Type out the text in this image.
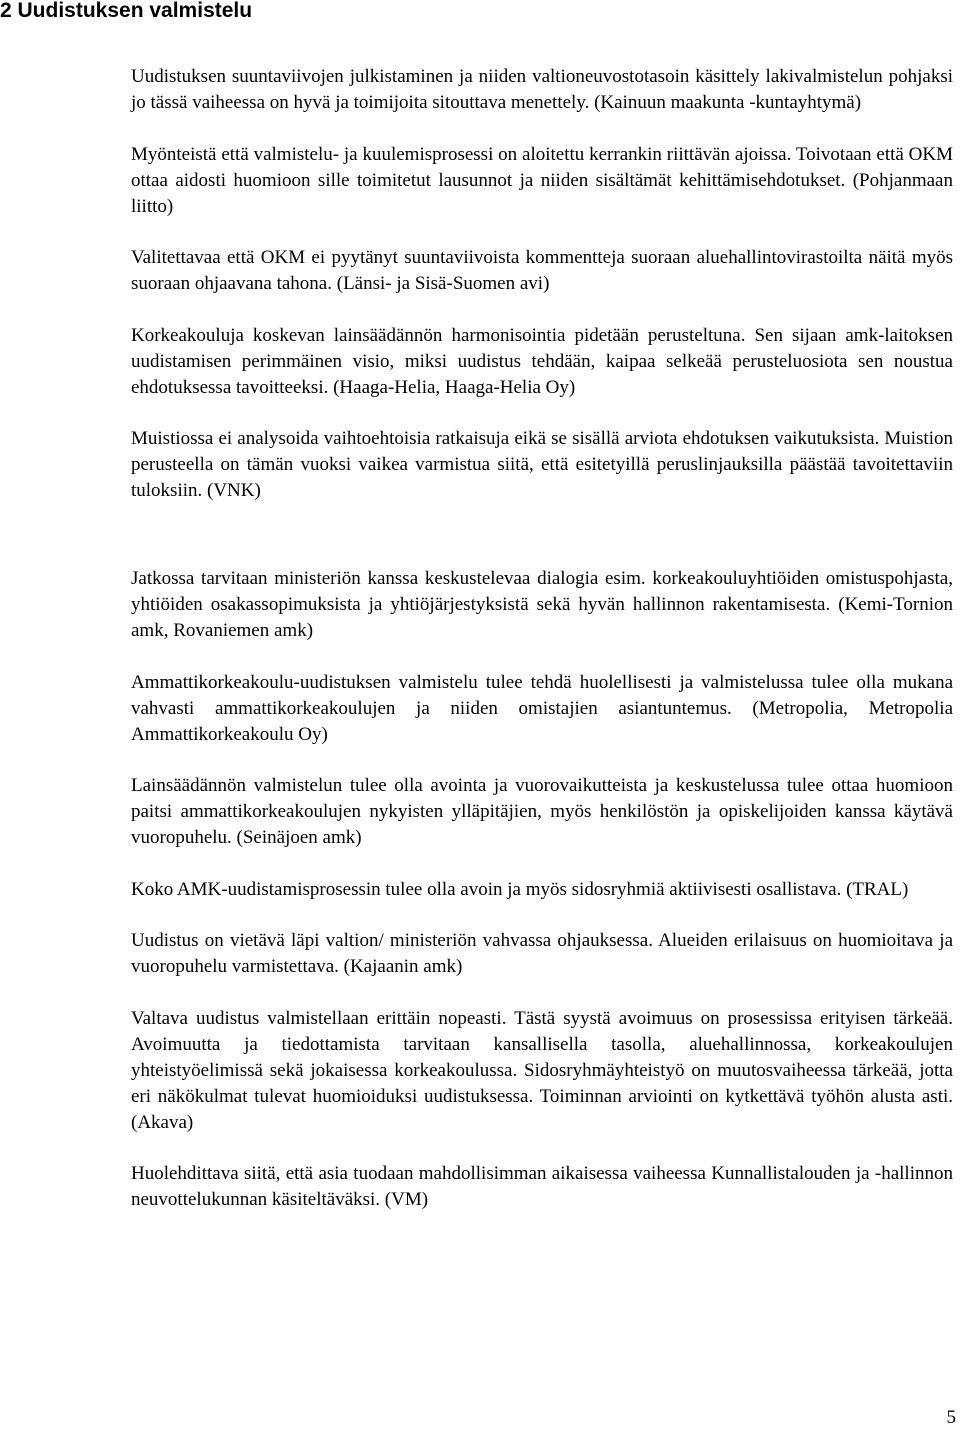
2 Uudistuksen valmistelu

Uudistuksen suuntaviivojen julkistaminen ja niiden valtioneuvostotasoin käsittely lakivalmistelun pohjaksi jo tässä vaiheessa on hyvä ja toimijoita sitouttava menettely. (Kainuun maakunta -kuntayhtymä)

Myönteistä että valmistelu- ja kuulemisprosessi on aloitettu kerrankin riittävän ajoissa. Toivotaan että OKM ottaa aidosti huomioon sille toimitetut lausunnot ja niiden sisältämät kehittämisehdotukset. (Pohjanmaan liitto)

Valitettavaa että OKM ei pyytänyt suuntaviivoista kommentteja suoraan aluehallintovirastoilta näitä myös suoraan ohjaavana tahona. (Länsi- ja Sisä-Suomen avi)

Korkeakouluja koskevan lainsäädännön harmonisointia pidetään perusteltuna. Sen sijaan amk-laitoksen uudistamisen perimmäinen visio, miksi uudistus tehdään, kaipaa selkeää perusteluosiota sen noustua ehdotuksessa tavoitteeksi. (Haaga-Helia, Haaga-Helia Oy)

Muistiossa ei analysoida vaihtoehtoisia ratkaisuja eikä se sisällä arviota ehdotuksen vaikutuksista. Muistion perusteella on tämän vuoksi vaikea varmistua siitä, että esitetyillä peruslinjauksilla päästää tavoitettaviin tuloksiin. (VNK)

Jatkossa tarvitaan ministeriön kanssa keskustelevaa dialogia esim. korkeakouluyhtiöiden omistuspohjasta, yhtiöiden osakassopimuksista ja yhtiöjärjestyksistä sekä hyvän hallinnon rakentamisesta. (Kemi-Tornion amk, Rovaniemen amk)

Ammattikorkeakoulu-uudistuksen valmistelu tulee tehdä huolellisesti ja valmistelussa tulee olla mukana vahvasti ammattikorkeakoulujen ja niiden omistajien asiantuntemus. (Metropolia, Metropolia Ammattikorkeakoulu Oy)

Lainsäädännön valmistelun tulee olla avointa ja vuorovaikutteista ja keskustelussa tulee ottaa huomioon paitsi ammattikorkeakoulujen nykyisten ylläpitäjien, myös henkilöstön ja opiskelijoiden kanssa käytävä vuoropuhelu. (Seinäjoen amk)

Koko AMK-uudistamisprosessin tulee olla avoin ja myös sidosryhmiä aktiivisesti osallistava. (TRAL)

Uudistus on vietävä läpi valtion/ ministeriön vahvassa ohjauksessa. Alueiden erilaisuus on huomioitava ja vuoropuhelu varmistettava. (Kajaanin amk)

Valtava uudistus valmistellaan erittäin nopeasti. Tästä syystä avoimuus on prosessissa erityisen tärkeää. Avoimuutta ja tiedottamista tarvitaan kansallisella tasolla, aluehallinnossa, korkeakoulujen yhteistyöelimissä sekä jokaisessa korkeakoulussa. Sidosryhmäyhteistyö on muutosvaiheessa tärkeää, jotta eri näkökulmat tulevat huomioiduksi uudistuksessa. Toiminnan arviointi on kytkettävä työhön alusta asti. (Akava)

Huolehdittava siitä, että asia tuodaan mahdollisimman aikaisessa vaiheessa Kunnallistalouden ja -hallinnon neuvottelukunnan käsiteltäväksi. (VM)

5
